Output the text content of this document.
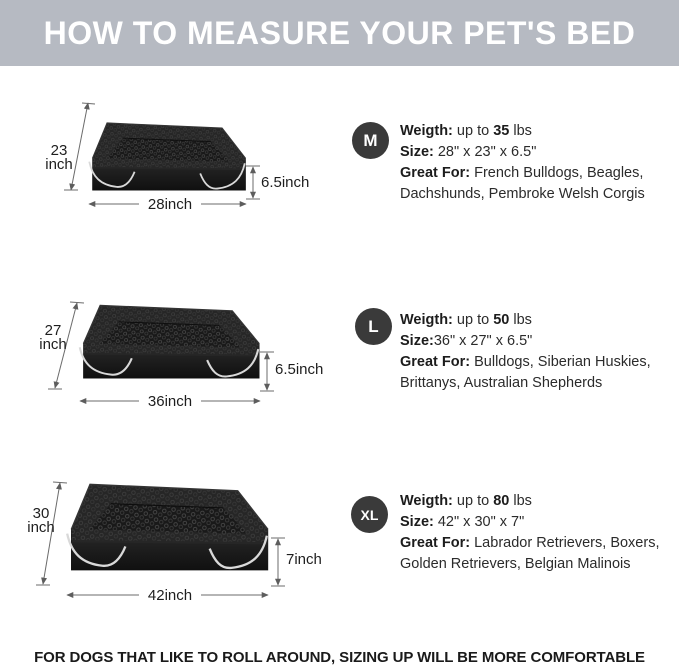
HOW TO MEASURE YOUR PET'S BED
23
inch
6.5inch
28inch
27
inch
6.5inch
36inch
30
inch
7inch
42inch
M
L
XL
Weigth: up to 35 lbs
Size: 28" x 23" x 6.5"
Great For: French Bulldogs, Beagles,
Dachshunds, Pembroke Welsh Corgis
Weigth: up to 50 lbs
Size:36" x 27" x 6.5"
Great For: Bulldogs, Siberian Huskies,
Brittanys, Australian Shepherds
Weigth: up to 80 lbs
Size: 42" x 30" x 7"
Great For: Labrador Retrievers, Boxers,
Golden Retrievers, Belgian Malinois
FOR DOGS THAT LIKE TO ROLL AROUND, SIZING UP WILL BE MORE COMFORTABLE
